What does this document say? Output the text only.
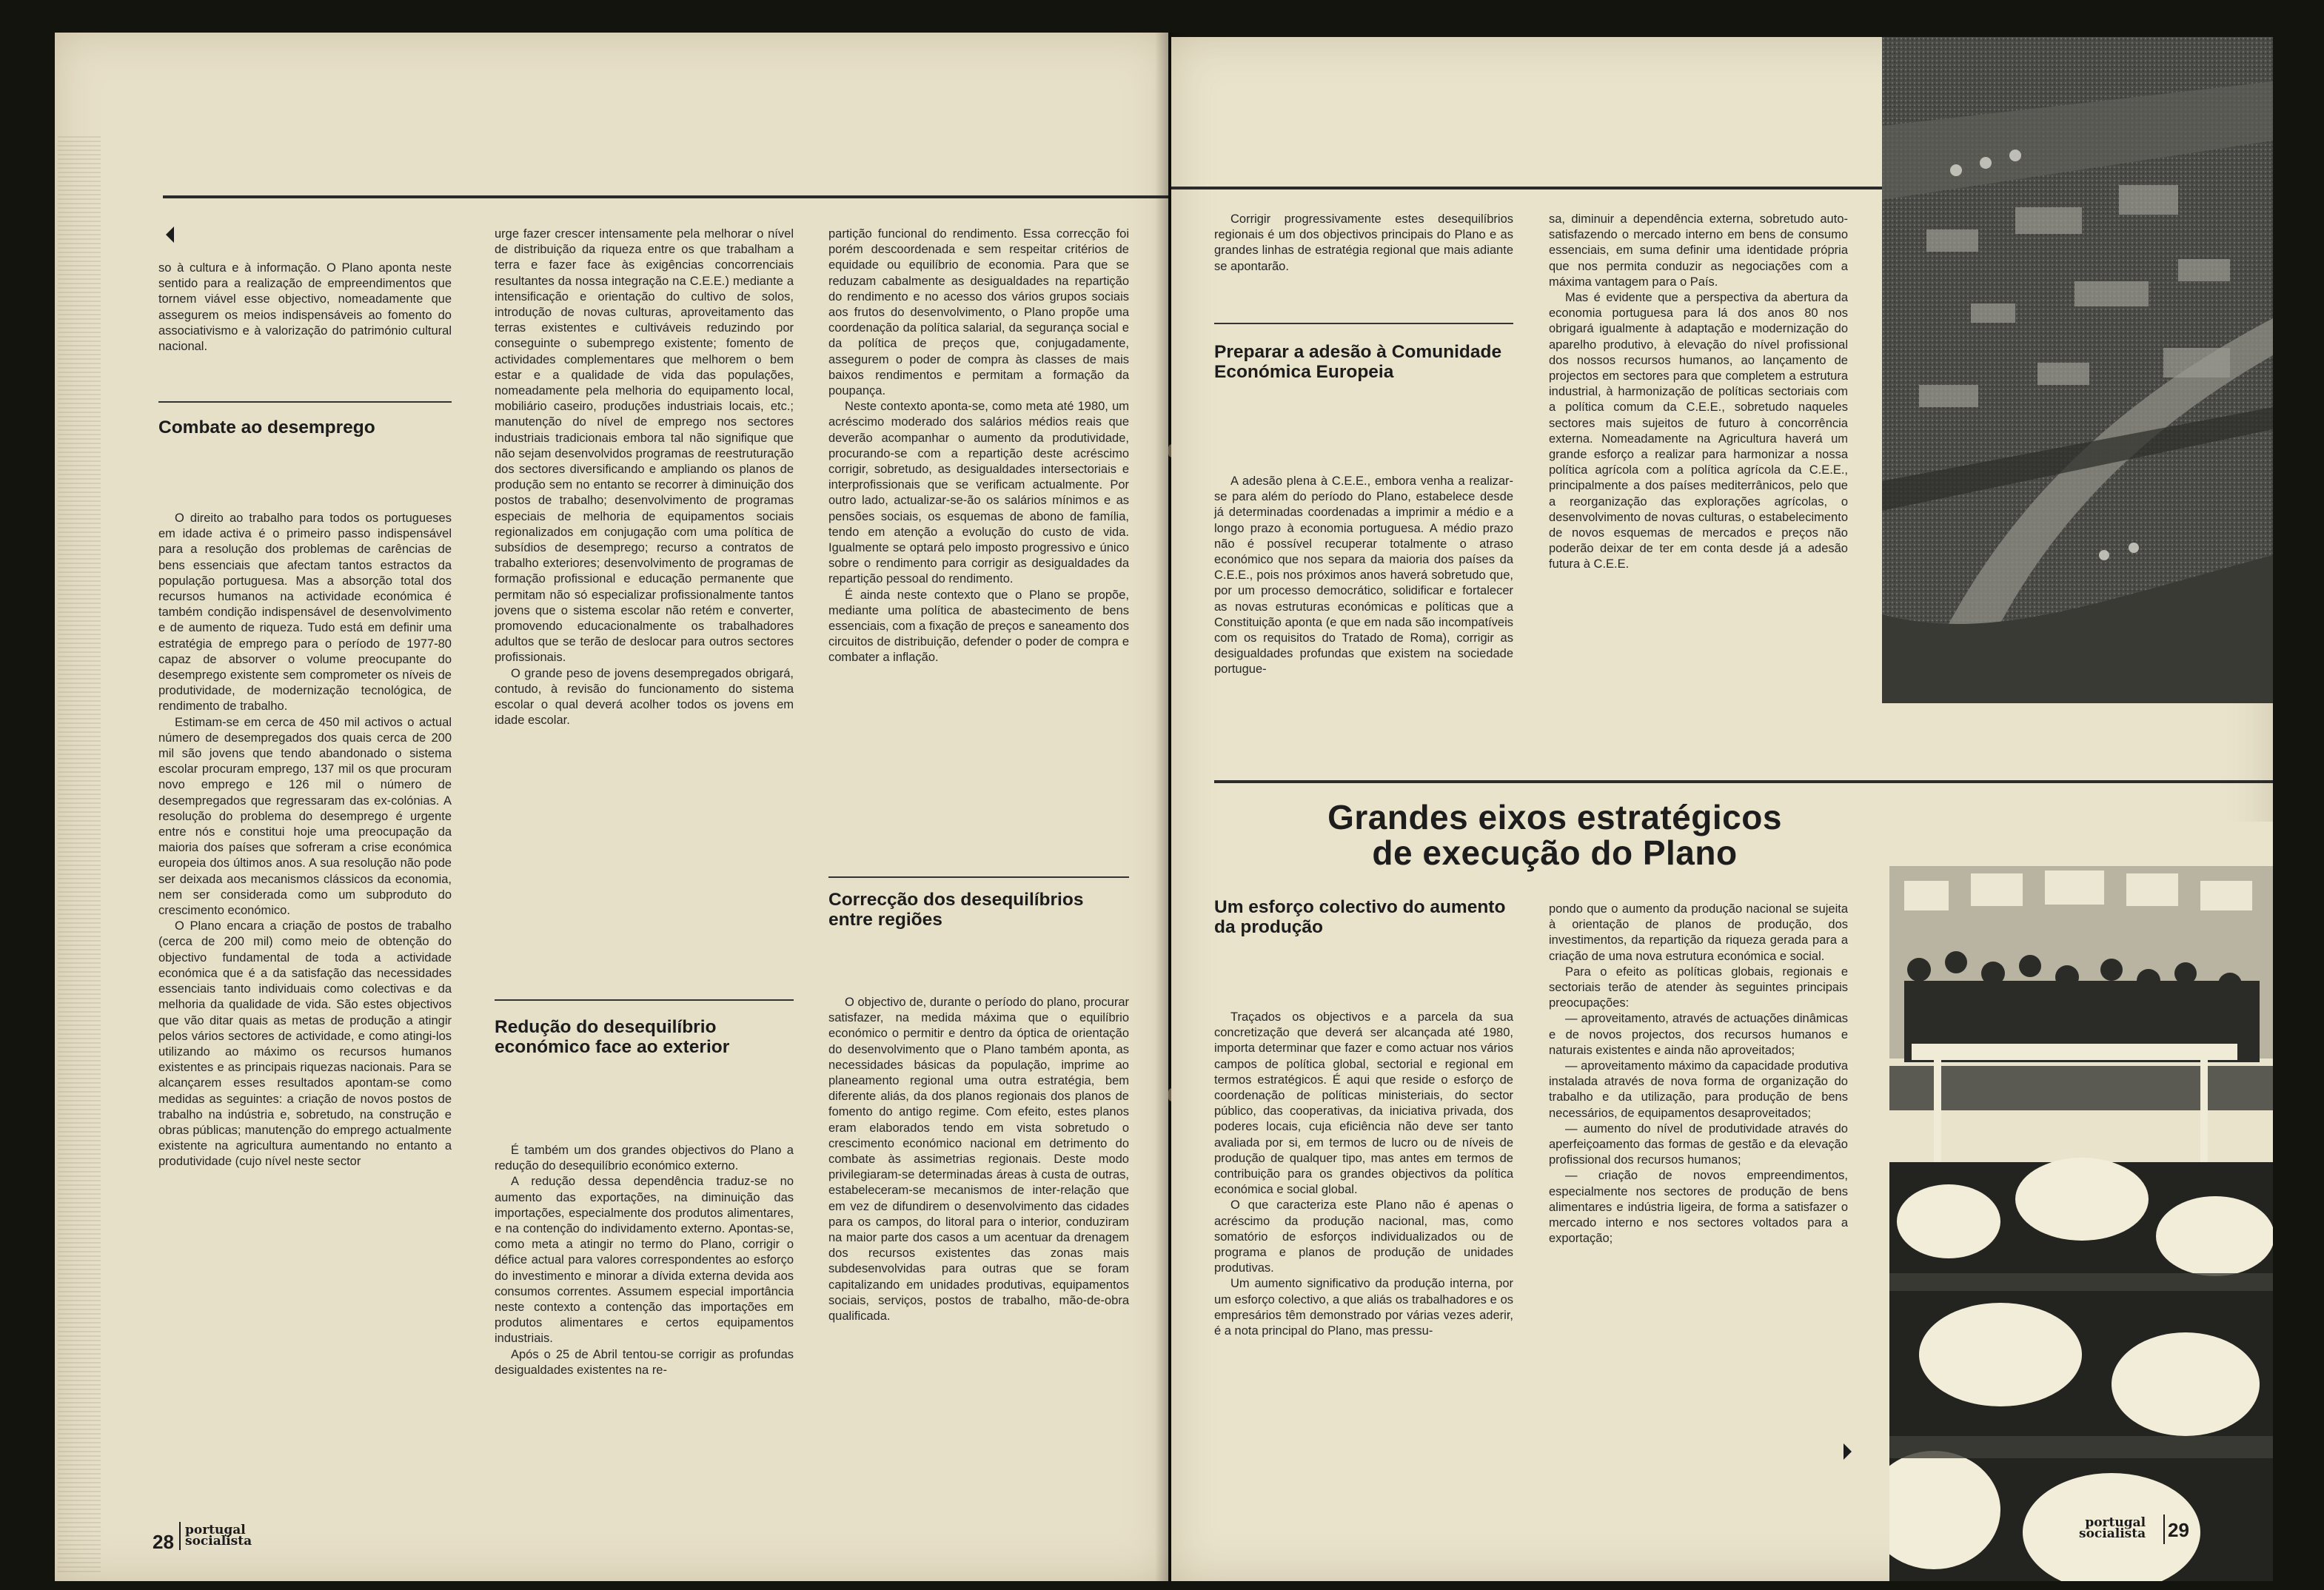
so à cultura e à informação. O Plano aponta neste sentido para a realização de empreendimentos que tornem viável esse objectivo, nomeadamente que assegurem os meios indispensáveis ao fomento do associativismo e à valorização do património cultural nacional.

Combate ao desemprego

O direito ao trabalho para todos os portugueses em idade activa é o primeiro passo indispensável para a resolução dos problemas de carências de bens essenciais que afectam tantos estractos da população portuguesa. Mas a absorção total dos recursos humanos na actividade económica é também condição indispensável de desenvolvimento e de aumento de riqueza. Tudo está em definir uma estratégia de emprego para o período de 1977-80 capaz de absorver o volume preocupante do desemprego existente sem comprometer os níveis de produtividade, de modernização tecnológica, de rendimento de trabalho.

Estimam-se em cerca de 450 mil activos o actual número de desempregados dos quais cerca de 200 mil são jovens que tendo abandonado o sistema escolar procuram emprego, 137 mil os que procuram novo emprego e 126 mil o número de desempregados que regressaram das ex-colónias. A resolução do problema do desemprego é urgente entre nós e constitui hoje uma preocupação da maioria dos países que sofreram a crise económica europeia dos últimos anos. A sua resolução não pode ser deixada aos mecanismos clássicos da economia, nem ser considerada como um subproduto do crescimento económico.

O Plano encara a criação de postos de trabalho (cerca de 200 mil) como meio de obtenção do objectivo fundamental de toda a actividade económica que é a da satisfação das necessidades essenciais tanto individuais como colectivas e da melhoria da qualidade de vida. São estes objectivos que vão ditar quais as metas de produção a atingir pelos vários sectores de actividade, e como atingi-los utilizando ao máximo os recursos humanos existentes e as principais riquezas nacionais. Para se alcançarem esses resultados apontam-se como medidas as seguintes: a criação de novos postos de trabalho na indústria e, sobretudo, na construção e obras públicas; manutenção do emprego actualmente existente na agricultura aumentando no entanto a produtividade (cujo nível neste sector

urge fazer crescer intensamente pela melhorar o nível de distribuição da riqueza entre os que trabalham a terra e fazer face às exigências concorrenciais resultantes da nossa integração na C.E.E.) mediante a intensificação e orientação do cultivo de solos, introdução de novas culturas, aproveitamento das terras existentes e cultiváveis reduzindo por conseguinte o subemprego existente; fomento de actividades complementares que melhorem o bem estar e a qualidade de vida das populações, nomeadamente pela melhoria do equipamento local, mobiliário caseiro, produções industriais locais, etc.; manutenção do nível de emprego nos sectores industriais tradicionais embora tal não signifique que não sejam desenvolvidos programas de reestruturação dos sectores diversificando e ampliando os planos de produção sem no entanto se recorrer à diminuição dos postos de trabalho; desenvolvimento de programas especiais de melhoria de equipamentos sociais regionalizados em conjugação com uma política de subsídios de desemprego; recurso a contratos de trabalho exteriores; desenvolvimento de programas de formação profissional e educação permanente que permitam não só especializar profissionalmente tantos jovens que o sistema escolar não retém e converter, promovendo educacionalmente os trabalhadores adultos que se terão de deslocar para outros sectores profissionais.

O grande peso de jovens desempregados obrigará, contudo, à revisão do funcionamento do sistema escolar o qual deverá acolher todos os jovens em idade escolar.

Redução do desequilíbrio económico face ao exterior

É também um dos grandes objectivos do Plano a redução do desequilíbrio económico externo.

A redução dessa dependência traduz-se no aumento das exportações, na diminuição das importações, especialmente dos produtos alimentares, e na contenção do individamento externo. Apontas-se, como meta a atingir no termo do Plano, corrigir o défice actual para valores correspondentes ao esforço do investimento e minorar a dívida externa devida aos consumos correntes. Assumem especial importância neste contexto a contenção das importações em produtos alimentares e certos equipamentos industriais.

Após o 25 de Abril tentou-se corrigir as profundas desigualdades existentes na re-

partição funcional do rendimento. Essa correcção foi porém descoordenada e sem respeitar critérios de equidade ou equilíbrio de economia. Para que se reduzam cabalmente as desigualdades na repartição do rendimento e no acesso dos vários grupos sociais aos frutos do desenvolvimento, o Plano propõe uma coordenação da política salarial, da segurança social e da política de preços que, conjugadamente, assegurem o poder de compra às classes de mais baixos rendimentos e permitam a formação da poupança.

Neste contexto aponta-se, como meta até 1980, um acréscimo moderado dos salários médios reais que deverão acompanhar o aumento da produtividade, procurando-se com a repartição deste acréscimo corrigir, sobretudo, as desigualdades intersectoriais e interprofissionais que se verificam actualmente. Por outro lado, actualizar-se-ão os salários mínimos e as pensões sociais, os esquemas de abono de família, tendo em atenção a evolução do custo de vida. Igualmente se optará pelo imposto progressivo e único sobre o rendimento para corrigir as desigualdades da repartição pessoal do rendimento.

É ainda neste contexto que o Plano se propõe, mediante uma política de abastecimento de bens essenciais, com a fixação de preços e saneamento dos circuitos de distribuição, defender o poder de compra e combater a inflação.

Correcção dos desequilíbrios entre regiões

O objectivo de, durante o período do plano, procurar satisfazer, na medida máxima que o equilíbrio económico o permitir e dentro da óptica de orientação do desenvolvimento que o Plano também aponta, as necessidades básicas da população, imprime ao planeamento regional uma outra estratégia, bem diferente aliás, da dos planos regionais dos planos de fomento do antigo regime. Com efeito, estes planos eram elaborados tendo em vista sobretudo o crescimento económico nacional em detrimento do combate às assimetrias regionais. Deste modo privilegiaram-se determinadas áreas à custa de outras, estabeleceram-se mecanismos de inter-relação que em vez de difundirem o desenvolvimento das cidades para os campos, do litoral para o interior, conduziram na maior parte dos casos a um acentuar da drenagem dos recursos existentes das zonas mais subdesenvolvidas para outras que se foram capitalizando em unidades produtivas, equipamentos sociais, serviços, postos de trabalho, mão-de-obra qualificada.

28
portugal
socialista

Corrigir progressivamente estes desequilíbrios regionais é um dos objectivos principais do Plano e as grandes linhas de estratégia regional que mais adiante se apontarão.

Preparar a adesão à Comunidade Económica Europeia

A adesão plena à C.E.E., embora venha a realizar-se para além do período do Plano, estabelece desde já determinadas coordenadas a imprimir a médio e a longo prazo à economia portuguesa. A médio prazo não é possível recuperar totalmente o atraso económico que nos separa da maioria dos países da C.E.E., pois nos próximos anos haverá sobretudo que, por um processo democrático, solidificar e fortalecer as novas estruturas económicas e políticas que a Constituição aponta (e que em nada são incompatíveis com os requisitos do Tratado de Roma), corrigir as desigualdades profundas que existem na sociedade portugue-

sa, diminuir a dependência externa, sobretudo auto-satisfazendo o mercado interno em bens de consumo essenciais, em suma definir uma identidade própria que nos permita conduzir as negociações com a máxima vantagem para o País.

Mas é evidente que a perspectiva da abertura da economia portuguesa para lá dos anos 80 nos obrigará igualmente à adaptação e modernização do aparelho produtivo, à elevação do nível profissional dos nossos recursos humanos, ao lançamento de projectos em sectores para que completem a estrutura industrial, à harmonização de políticas sectoriais com a política comum da C.E.E., sobretudo naqueles sectores mais sujeitos de futuro à concorrência externa. Nomeadamente na Agricultura haverá um grande esforço a realizar para harmonizar a nossa política agrícola com a política agrícola da C.E.E., principalmente a dos países mediterrânicos, pelo que a reorganização das explorações agrícolas, o desenvolvimento de novas culturas, o estabelecimento de novos esquemas de mercados e preços não poderão deixar de ter em conta desde já a adesão futura à C.E.E.

Grandes eixos estratégicos
de execução do Plano
Um esforço colectivo do aumento da produção

Traçados os objectivos e a parcela da sua concretização que deverá ser alcançada até 1980, importa determinar que fazer e como actuar nos vários campos de política global, sectorial e regional em termos estratégicos. É aqui que reside o esforço de coordenação de políticas ministeriais, do sector público, das cooperativas, da iniciativa privada, dos poderes locais, cuja eficiência não deve ser tanto avaliada por si, em termos de lucro ou de níveis de produção de qualquer tipo, mas antes em termos de contribuição para os grandes objectivos da política económica e social global.

O que caracteriza este Plano não é apenas o acréscimo da produção nacional, mas, como somatório de esforços individualizados ou de programa e planos de produção de unidades produtivas.

Um aumento significativo da produção interna, por um esforço colectivo, a que aliás os trabalhadores e os empresários têm demonstrado por várias vezes aderir, é a nota principal do Plano, mas pressu-

pondo que o aumento da produção nacional se sujeita à orientação de planos de produção, dos investimentos, da repartição da riqueza gerada para a criação de uma nova estrutura económica e social.

Para o efeito as políticas globais, regionais e sectoriais terão de atender às seguintes principais preocupações:

— aproveitamento, através de actuações dinâmicas e de novos projectos, dos recursos humanos e naturais existentes e ainda não aproveitados;

— aproveitamento máximo da capacidade produtiva instalada através de nova forma de organização do trabalho e da utilização, para produção de bens necessários, de equipamentos desaproveitados;

— aumento do nível de produtividade através do aperfeiçoamento das formas de gestão e da elevação profissional dos recursos humanos;

— criação de novos empreendimentos, especialmente nos sectores de produção de bens alimentares e indústria ligeira, de forma a satisfazer o mercado interno e nos sectores voltados para a exportação;

portugal
socialista 29
